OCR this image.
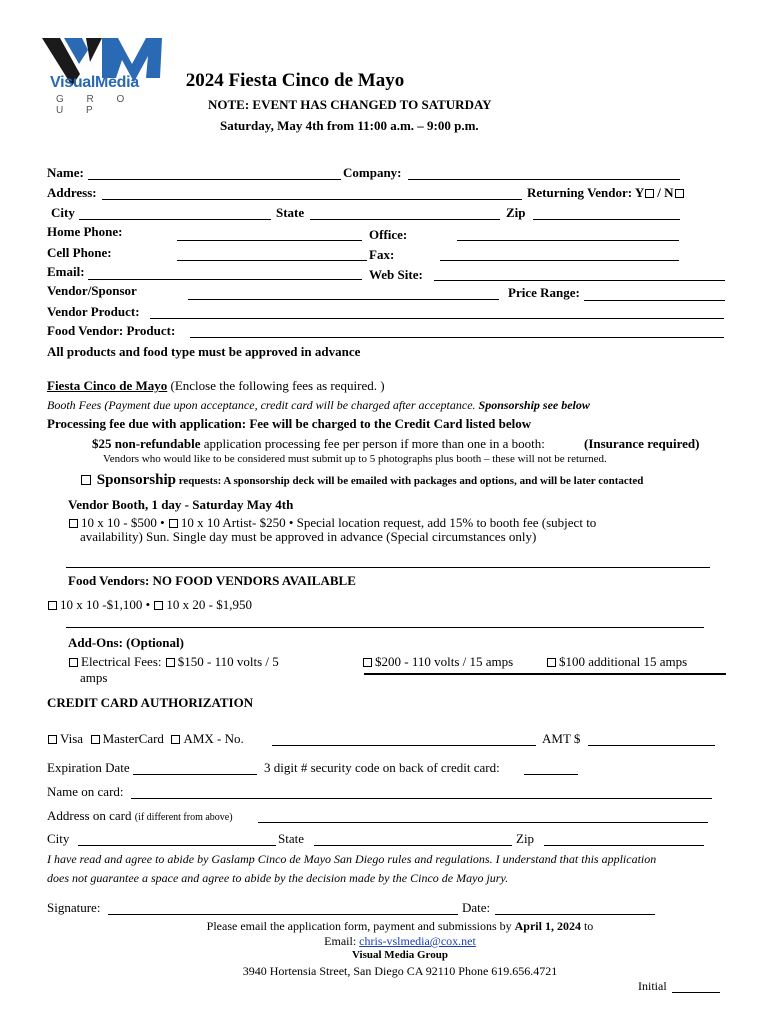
VisualMedia
G R O U P
2024 Fiesta Cinco de Mayo
NOTE: EVENT HAS CHANGED TO SATURDAY
Saturday, May 4th from 11:00 a.m. – 9:00 p.m.
Name:	Company:
Address:	Returning Vendor: Y / N
City	State	Zip
Home Phone:	Office:
Cell Phone:	Fax:
Email:	Web Site:
Vendor/Sponsor	Price Range:
Vendor Product:
Food Vendor: Product:
All products and food type must be approved in advance
Fiesta Cinco de Mayo (Enclose the following fees as required. )
Booth Fees (Payment due upon acceptance, credit card will be charged after acceptance. Sponsorship see below
Processing fee due with application: Fee will be charged to the Credit Card listed below
$25 non-refundable application processing fee per person if more than one in a booth:	(Insurance required)
Vendors who would like to be considered must submit up to 5 photographs plus booth – these will not be returned.
Sponsorship requests: A sponsorship deck will be emailed with packages and options, and will be later contacted
Vendor Booth, 1 day - Saturday May 4th
10 x 10 - $500 • 10 x 10 Artist- $250 • Special location request, add 15% to booth fee (subject to
availability) Sun. Single day must be approved in advance (Special circumstances only)
Food Vendors: NO FOOD VENDORS AVAILABLE
10 x 10 -$1,100 • 10 x 20 - $1,950
Add-Ons: (Optional)
Electrical Fees: $150 - 110 volts / 5
amps
$200 - 110 volts / 15 amps	$100 additional 15 amps
CREDIT CARD AUTHORIZATION
Visa MasterCard AMX - No.	AMT $
Expiration Date	3 digit # security code on back of credit card:
Name on card:
Address on card (if different from above)
City	State	Zip
I have read and agree to abide by Gaslamp Cinco de Mayo San Diego rules and regulations. I understand that this application
does not guarantee a space and agree to abide by the decision made by the Cinco de Mayo jury.
Signature:	Date:
Please email the application form, payment and submissions by April 1, 2024 to
Email: chris-vslmedia@cox.net
Visual Media Group
3940 Hortensia Street, San Diego CA 92110 Phone 619.656.4721
Initial
